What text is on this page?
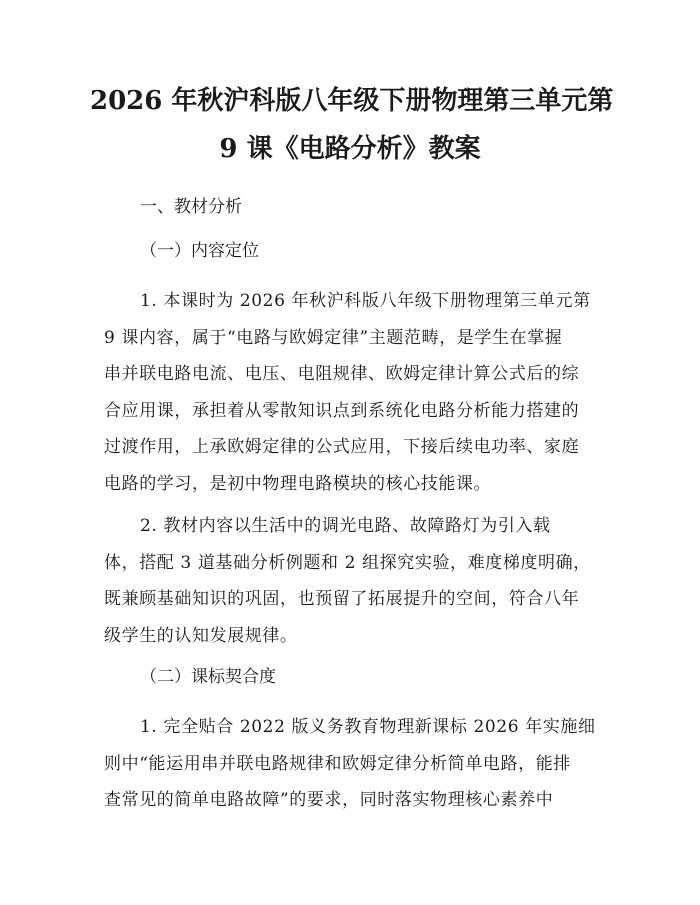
2026 年秋沪科版八年级下册物理第三单元第
9 课《电路分析》教案
一、教材分析
（一）内容定位
1. 本课时为 2026 年秋沪科版八年级下册物理第三单元第
9 课内容，属于“电路与欧姆定律”主题范畴，是学生在掌握
串并联电路电流、电压、电阻规律、欧姆定律计算公式后的综
合应用课，承担着从零散知识点到系统化电路分析能力搭建的
过渡作用，上承欧姆定律的公式应用，下接后续电功率、家庭
电路的学习，是初中物理电路模块的核心技能课。
2. 教材内容以生活中的调光电路、故障路灯为引入载
体，搭配 3 道基础分析例题和 2 组探究实验，难度梯度明确，
既兼顾基础知识的巩固，也预留了拓展提升的空间，符合八年
级学生的认知发展规律。
（二）课标契合度
1. 完全贴合 2022 版义务教育物理新课标 2026 年实施细
则中“能运用串并联电路规律和欧姆定律分析简单电路，能排
查常见的简单电路故障”的要求，同时落实物理核心素养中
